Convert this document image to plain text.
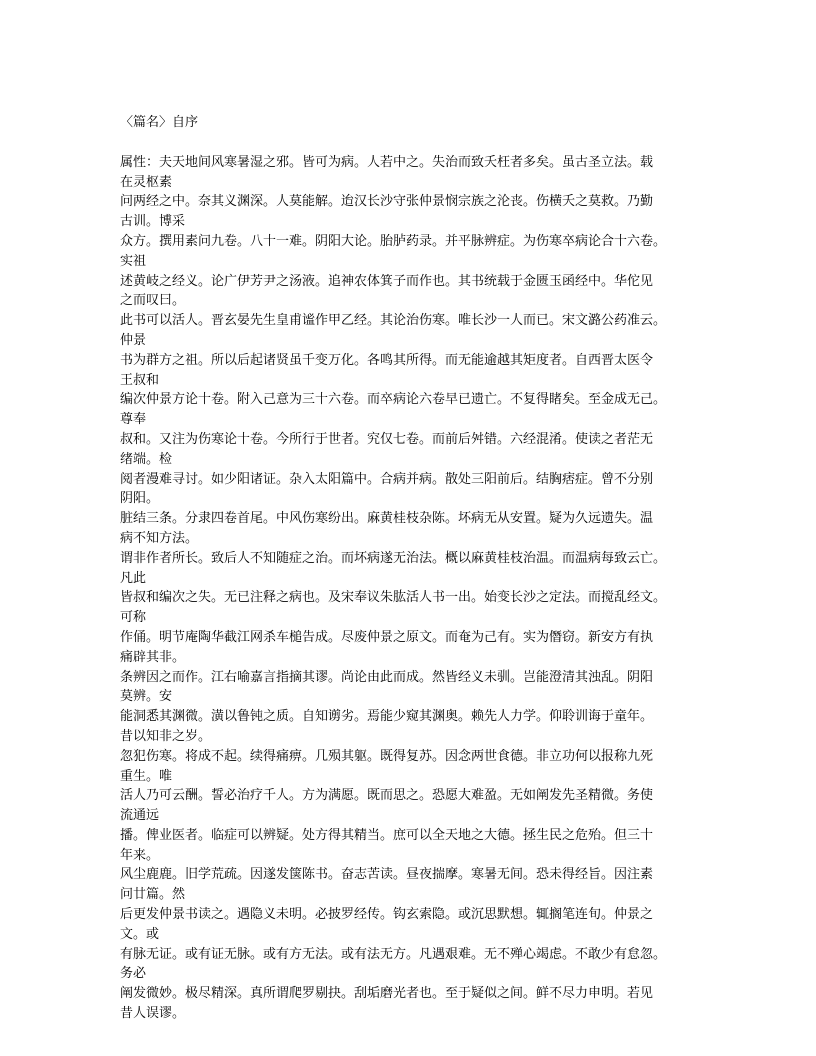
〈篇名〉自序
属性：夫天地间风寒暑湿之邪。皆可为病。人若中之。失治而致夭枉者多矣。虽古圣立法。载
在灵枢素
问两经之中。奈其义渊深。人莫能解。迨汉长沙守张仲景悯宗族之沦丧。伤横夭之莫救。乃勤
古训。博采
众方。撰用素问九卷。八十一难。阴阳大论。胎胪药录。并平脉辨症。为伤寒卒病论合十六卷。
实祖
述黄岐之经义。论广伊芳尹之汤液。追神农体箕子而作也。其书统载于金匮玉函经中。华佗见
之而叹曰。
此书可以活人。晋玄晏先生皇甫谧作甲乙经。其论治伤寒。唯长沙一人而已。宋文潞公药准云。
仲景
书为群方之祖。所以后起诸贤虽千变万化。各鸣其所得。而无能逾越其矩度者。自西晋太医令
王叔和
编次仲景方论十卷。附入己意为三十六卷。而卒病论六卷早已遗亡。不复得睹矣。至金成无己。
尊奉
叔和。又注为伤寒论十卷。今所行于世者。究仅七卷。而前后舛错。六经混淆。使读之者茫无
绪端。检
阅者漫难寻讨。如少阳诸证。杂入太阳篇中。合病并病。散处三阳前后。结胸痞症。曾不分别
阴阳。
脏结三条。分隶四卷首尾。中风伤寒纷出。麻黄桂枝杂陈。坏病无从安置。疑为久远遗失。温
病不知方法。
谓非作者所长。致后人不知随症之治。而坏病遂无治法。概以麻黄桂枝治温。而温病每致云亡。
凡此
皆叔和编次之失。无已注释之病也。及宋奉议朱肱活人书一出。始变长沙之定法。而搅乱经文。
可称
作俑。明节庵陶华截江网杀车槌告成。尽废仲景之原文。而奄为己有。实为僭窃。新安方有执
痛辟其非。
条辨因之而作。江右喻嘉言指摘其谬。尚论由此而成。然皆经义未驯。岂能澄清其浊乱。阴阳
莫辨。安
能洞悉其渊微。潢以鲁钝之质。自知谫劣。焉能少窥其渊奥。赖先人力学。仰聆训诲于童年。
昔以知非之岁。
忽犯伤寒。将成不起。续得痛痹。几殒其躯。既得复苏。因念两世食德。非立功何以报称九死
重生。唯
活人乃可云酬。誓必治疗千人。方为满愿。既而思之。恐愿大难盈。无如阐发先圣精微。务使
流通远
播。俾业医者。临症可以辨疑。处方得其精当。庶可以全天地之大德。拯生民之危殆。但三十
年来。
风尘鹿鹿。旧学荒疏。因遂发箧陈书。奋志苦读。昼夜揣摩。寒暑无间。恐未得经旨。因注素
问廿篇。然
后更发仲景书读之。遇隐义未明。必披罗经传。钩玄索隐。或沉思默想。辄搁笔连旬。仲景之
文。或
有脉无证。或有证无脉。或有方无法。或有法无方。凡遇艰难。无不殚心竭虑。不敢少有怠忽。
务必
阐发微妙。极尽精深。真所谓爬罗剔抉。刮垢磨光者也。至于疑似之间。鲜不尽力申明。若见
昔人误谬。
